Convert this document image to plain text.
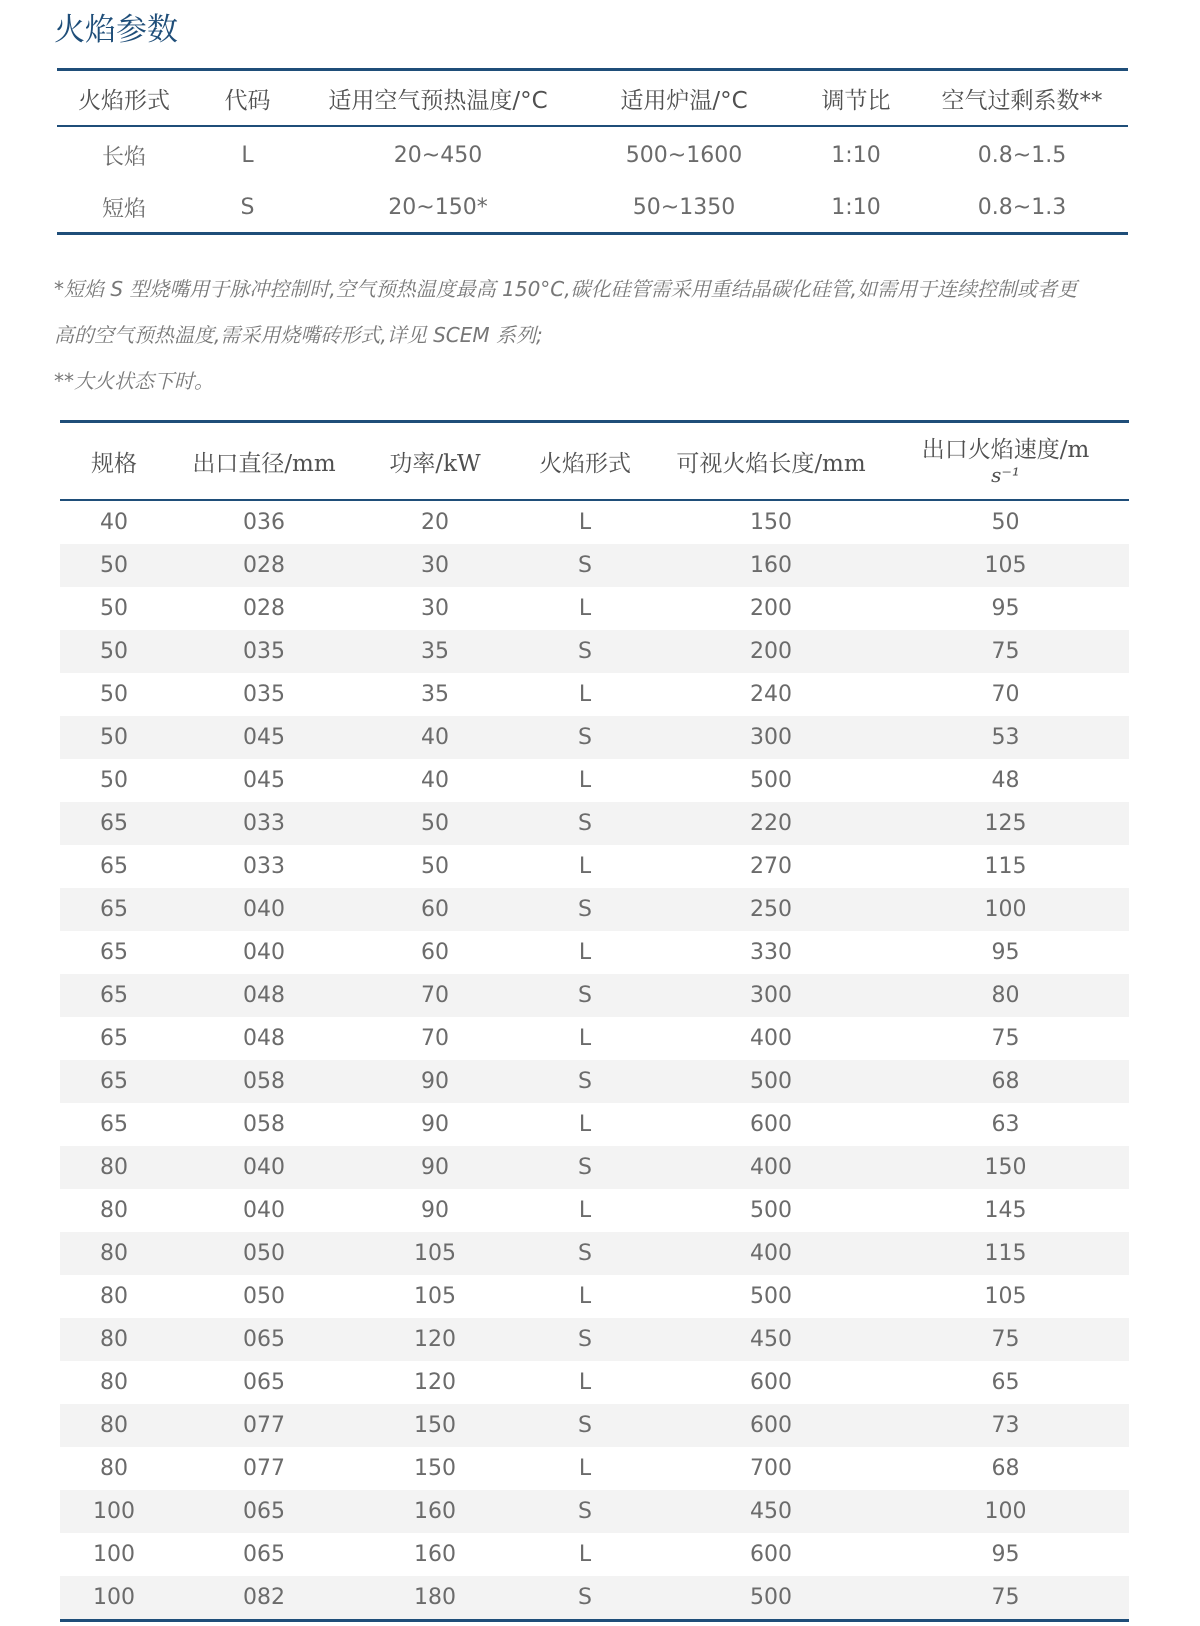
火焰参数
火焰形式	代码	适用空气预热温度/°C	适用炉温/°C	调节比	空气过剩系数**
长焰	L	20~450	500~1600	1:10	0.8~1.5
短焰	S	20~150*	50~1350	1:10	0.8~1.3
*短焰 S 型烧嘴用于脉冲控制时,空气预热温度最高 150°C,碳化硅管需采用重结晶碳化硅管,如需用于连续控制或者更
高的空气预热温度,需采用烧嘴砖形式,详见 SCEM 系列;
**大火状态下时。
规格	出口直径/mm	功率/kW	火焰形式	可视火焰长度/mm	出口火焰速度/m
s⁻¹

40	036	20	L	150	50
50	028	30	S	160	105
50	028	30	L	200	95
50	035	35	S	200	75
50	035	35	L	240	70
50	045	40	S	300	53
50	045	40	L	500	48
65	033	50	S	220	125
65	033	50	L	270	115
65	040	60	S	250	100
65	040	60	L	330	95
65	048	70	S	300	80
65	048	70	L	400	75
65	058	90	S	500	68
65	058	90	L	600	63
80	040	90	S	400	150
80	040	90	L	500	145
80	050	105	S	400	115
80	050	105	L	500	105
80	065	120	S	450	75
80	065	120	L	600	65
80	077	150	S	600	73
80	077	150	L	700	68
100	065	160	S	450	100
100	065	160	L	600	95
100	082	180	S	500	75
